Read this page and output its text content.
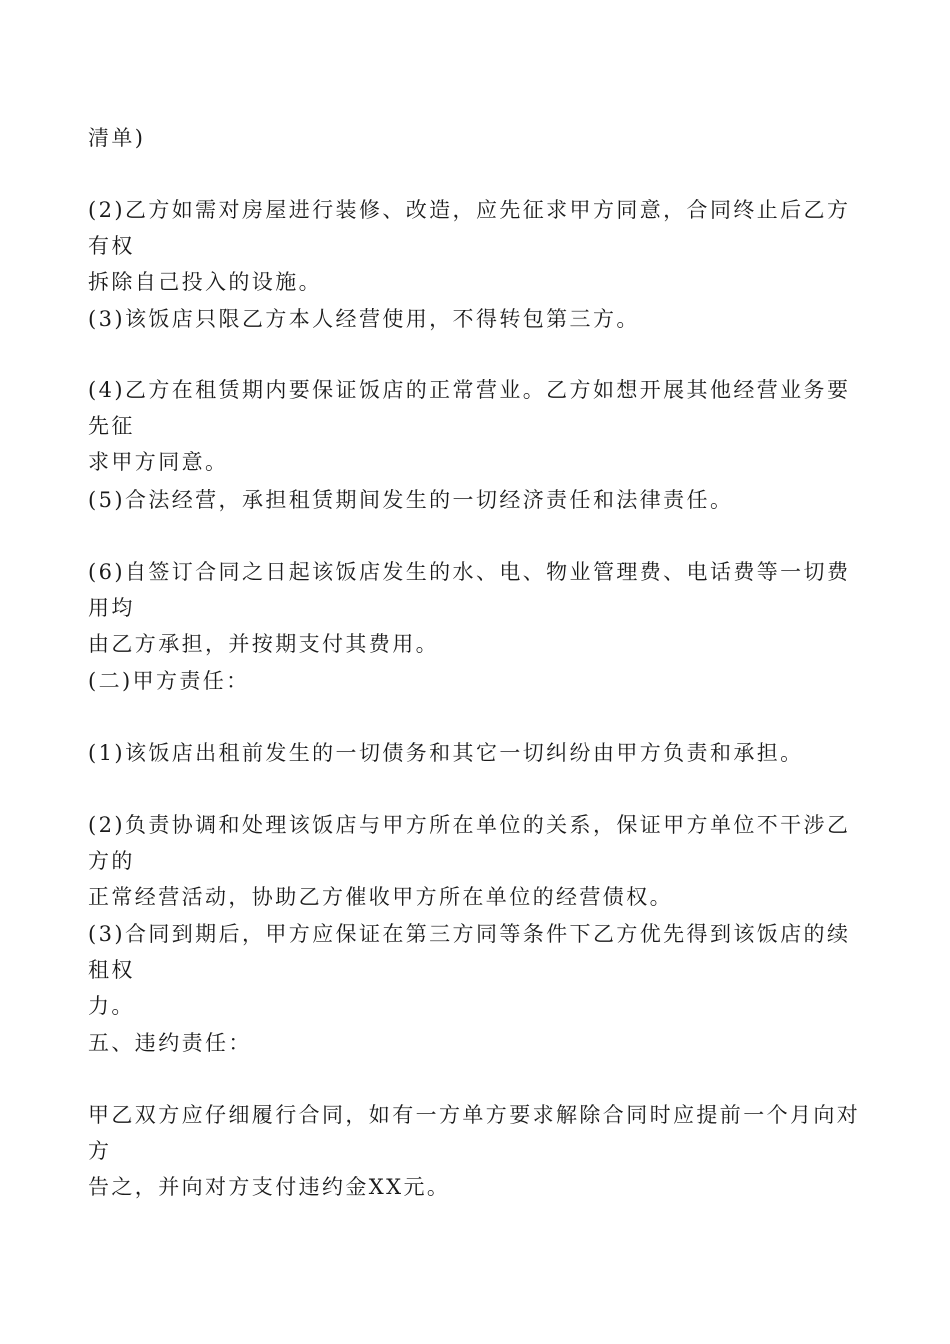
清单)

(2)乙方如需对房屋进行装修、改造，应先征求甲方同意，合同终止后乙方有权
拆除自己投入的设施。

(3)该饭店只限乙方本人经营使用，不得转包第三方。

(4)乙方在租赁期内要保证饭店的正常营业。乙方如想开展其他经营业务要先征
求甲方同意。

(5)合法经营，承担租赁期间发生的一切经济责任和法律责任。

(6)自签订合同之日起该饭店发生的水、电、物业管理费、电话费等一切费用均
由乙方承担，并按期支付其费用。

(二)甲方责任：

(1)该饭店出租前发生的一切债务和其它一切纠纷由甲方负责和承担。

(2)负责协调和处理该饭店与甲方所在单位的关系，保证甲方单位不干涉乙方的
正常经营活动，协助乙方催收甲方所在单位的经营债权。

(3)合同到期后，甲方应保证在第三方同等条件下乙方优先得到该饭店的续租权
力。

五、违约责任：

甲乙双方应仔细履行合同，如有一方单方要求解除合同时应提前一个月向对方
告之，并向对方支付违约金XX元。
